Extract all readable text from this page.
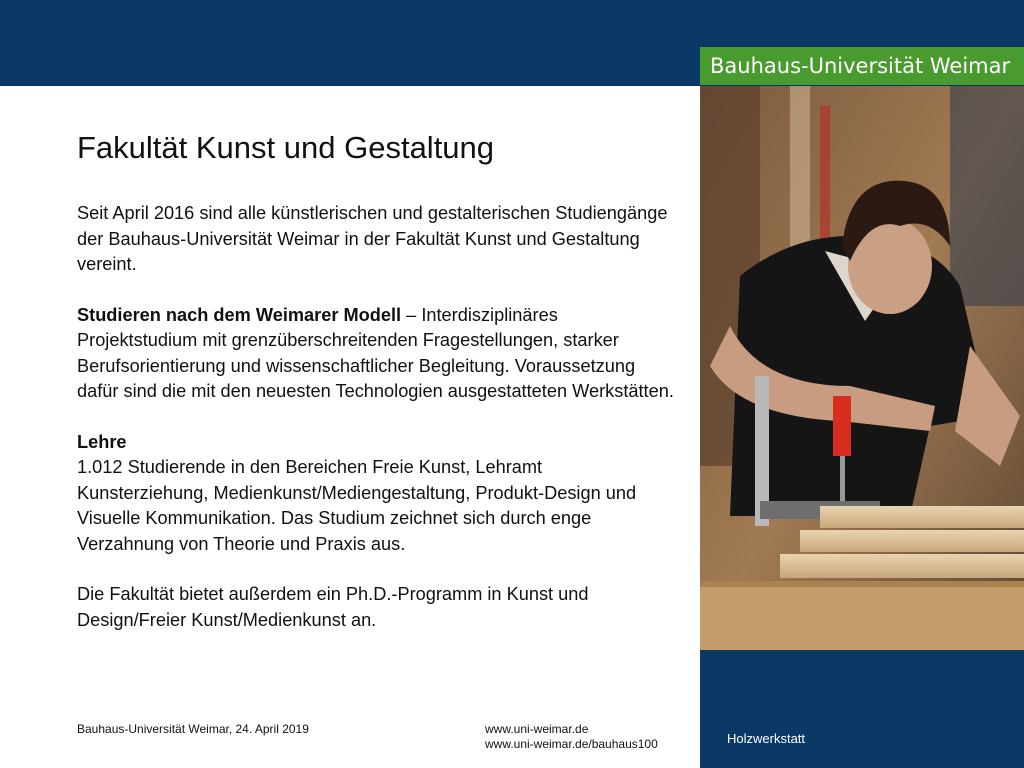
Bauhaus-Universität Weimar
Holzwerkstatt
Fakultät Kunst und Gestaltung

Seit April 2016 sind alle künstlerischen und gestalterischen Studiengänge der Bauhaus-Universität Weimar in der Fakultät Kunst und Gestaltung vereint.

Studieren nach dem Weimarer Modell – Interdisziplinäres Projektstudium mit grenzüberschreitenden Fragestellungen, starker Berufsorientierung und wissenschaftlicher Begleitung. Voraussetzung dafür sind die mit den neuesten Technologien ausgestatteten Werkstätten.

Lehre

1.012 Studierende in den Bereichen Freie Kunst, Lehramt Kunsterziehung, Medienkunst/Mediengestaltung, Produkt-Design und Visuelle Kommunikation. Das Studium zeichnet sich durch enge Verzahnung von Theorie und Praxis aus.

Die Fakultät bietet außerdem ein Ph.D.-Programm in Kunst und Design/Freier Kunst/Medienkunst an.

Bauhaus-Universität Weimar, 24. April 2019	www.uni-weimar.de
www.uni-weimar.de/bauhaus100
